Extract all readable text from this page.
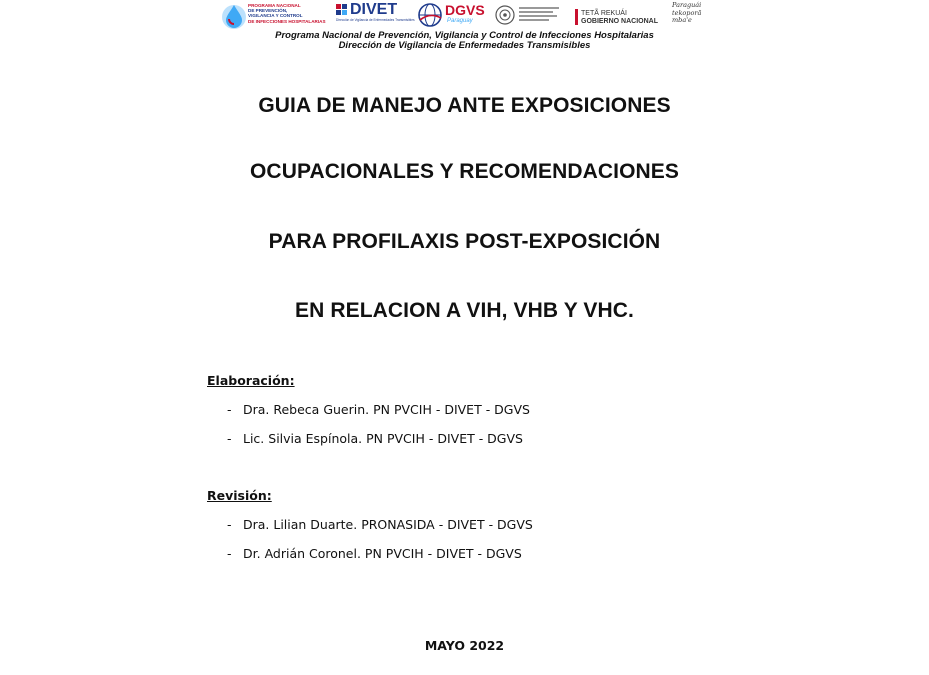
PROGRAMA NACIONAL
DE PREVENCIÓN,
VIGILANCIA Y CONTROL
DE INFECCIONES HOSPITALARIAS
DIVET
Dirección de Vigilancia de Enfermedades Transmisibles
DGVS
Paraguay
TETÃ REKUÁI
GOBIERNO NACIONAL
Paraguái tekoporã mba'e
Programa Nacional de Prevención, Vigilancia y Control de Infecciones Hospitalarias
Dirección de Vigilancia de Enfermedades Transmisibles
GUIA DE MANEJO ANTE EXPOSICIONES
OCUPACIONALES Y RECOMENDACIONES
PARA PROFILAXIS POST-EXPOSICIÓN
EN RELACION A VIH, VHB Y VHC.
Elaboración:
- Dra. Rebeca Guerin. PN PVCIH - DIVET - DGVS
- Lic. Silvia Espínola. PN PVCIH - DIVET - DGVS
Revisión:
- Dra. Lilian Duarte. PRONASIDA - DIVET - DGVS
- Dr. Adrián Coronel. PN PVCIH - DIVET - DGVS
MAYO 2022
